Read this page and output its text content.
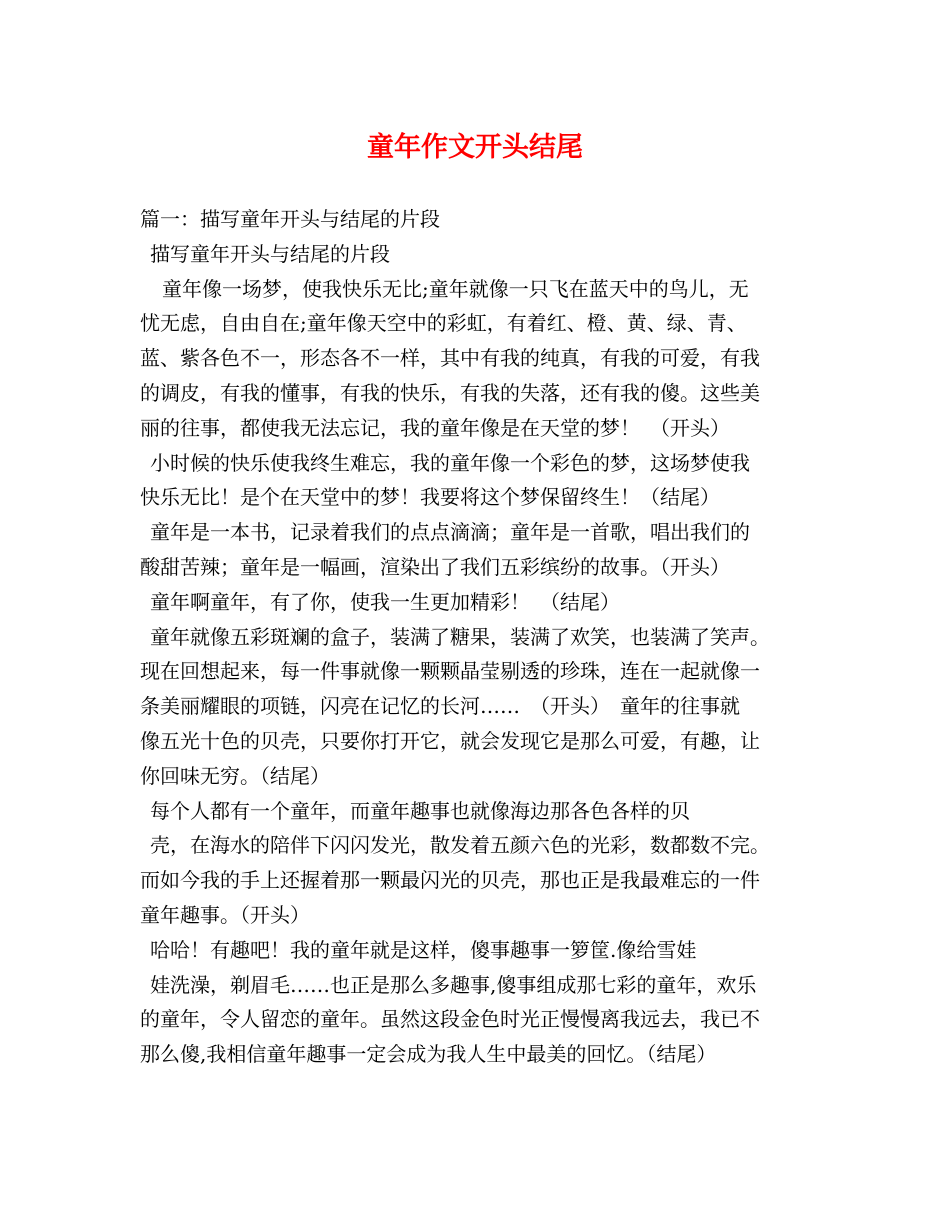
童年作文开头结尾
篇一：描写童年开头与结尾的片段
描写童年开头与结尾的片段
童年像一场梦，使我快乐无比;童年就像一只飞在蓝天中的鸟儿，无
忧无虑，自由自在;童年像天空中的彩虹，有着红、橙、黄、绿、青、
蓝、紫各色不一，形态各不一样，其中有我的纯真，有我的可爱，有我
的调皮，有我的懂事，有我的快乐，有我的失落，还有我的傻。这些美
丽的往事，都使我无法忘记，我的童年像是在天堂的梦！　（开头）
小时候的快乐使我终生难忘，我的童年像一个彩色的梦，这场梦使我
快乐无比！是个在天堂中的梦！我要将这个梦保留终生！（结尾）
童年是一本书，记录着我们的点点滴滴；童年是一首歌，唱出我们的
酸甜苦辣；童年是一幅画，渲染出了我们五彩缤纷的故事。（开头）
童年啊童年，有了你，使我一生更加精彩！　（结尾）
童年就像五彩斑斓的盒子，装满了糖果，装满了欢笑，也装满了笑声。
现在回想起来，每一件事就像一颗颗晶莹剔透的珍珠，连在一起就像一
条美丽耀眼的项链，闪亮在记忆的长河……　（开头）　童年的往事就
像五光十色的贝壳，只要你打开它，就会发现它是那么可爱，有趣，让
你回味无穷。（结尾）
每个人都有一个童年，而童年趣事也就像海边那各色各样的贝
壳，在海水的陪伴下闪闪发光，散发着五颜六色的光彩，数都数不完。
而如今我的手上还握着那一颗最闪光的贝壳，那也正是我最难忘的一件
童年趣事。（开头）
哈哈！有趣吧！我的童年就是这样，傻事趣事一箩筐.像给雪娃
娃洗澡，剃眉毛……也正是那么多趣事,傻事组成那七彩的童年，欢乐
的童年，令人留恋的童年。虽然这段金色时光正慢慢离我远去，我已不
那么傻,我相信童年趣事一定会成为我人生中最美的回忆。（结尾）
